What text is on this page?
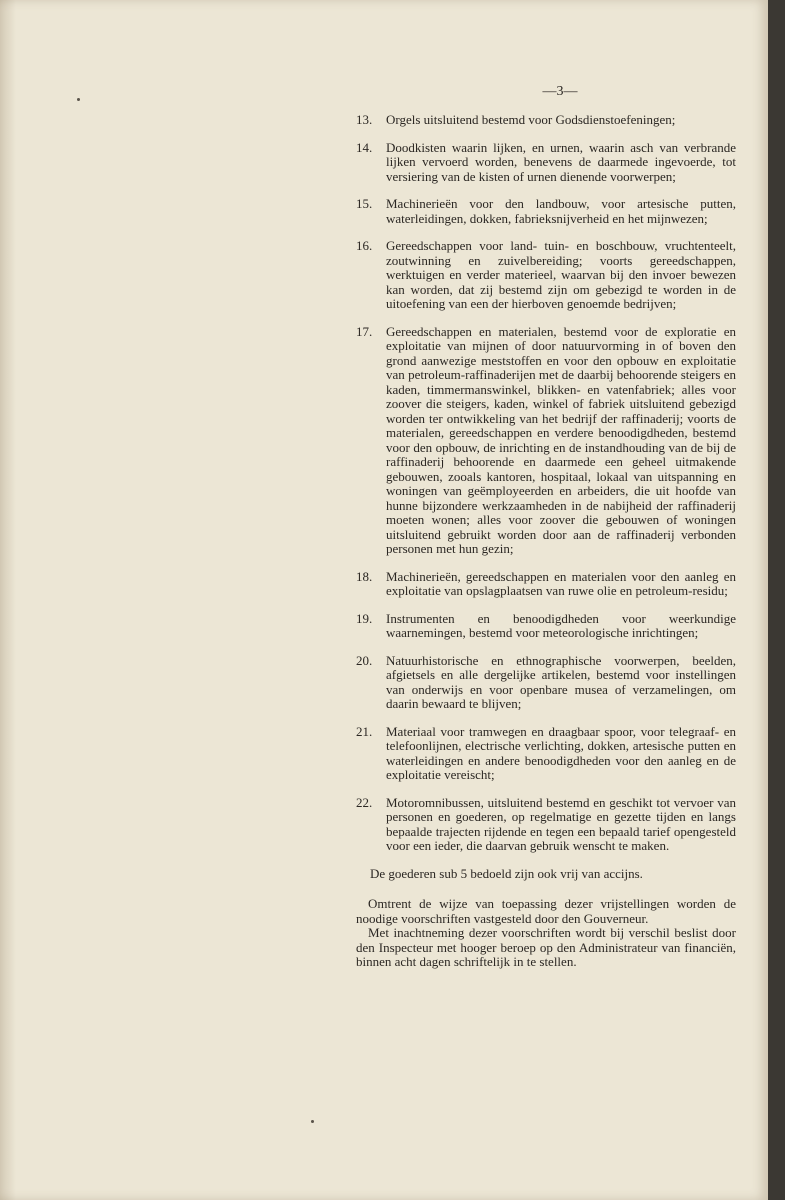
—3—
13.	Orgels uitsluitend bestemd voor Godsdienstoefeningen;
14.	Doodkisten waarin lijken, en urnen, waarin asch van verbrande lijken vervoerd worden, benevens de daarmede ingevoerde, tot versiering van de kisten of urnen dienende voorwerpen;
15.	Machinerieën voor den landbouw, voor artesische putten, waterleidingen, dokken, fabrieksnijverheid en het mijnwezen;
16.	Gereedschappen voor land- tuin- en boschbouw, vruchtenteelt, zoutwinning en zuivelbereiding; voorts gereedschappen, werktuigen en verder materieel, waarvan bij den invoer bewezen kan worden, dat zij bestemd zijn om gebezigd te worden in de uitoefening van een der hierboven genoemde bedrijven;
17.	Gereedschappen en materialen, bestemd voor de exploratie en exploitatie van mijnen of door natuurvorming in of boven den grond aanwezige meststoffen en voor den opbouw en exploitatie van petroleum-raffinaderijen met de daarbij behoorende steigers en kaden, timmermanswinkel, blikken- en vatenfabriek; alles voor zoover die steigers, kaden, winkel of fabriek uitsluitend gebezigd worden ter ontwikkeling van het bedrijf der raffinaderij; voorts de materialen, gereedschappen en verdere benoodigdheden, bestemd voor den opbouw, de inrichting en de instandhouding van de bij de raffinaderij behoorende en daarmede een geheel uitmakende gebouwen, zooals kantoren, hospitaal, lokaal van uitspanning en woningen van geëmployeerden en arbeiders, die uit hoofde van hunne bijzondere werkzaamheden in de nabijheid der raffinaderij moeten wonen; alles voor zoover die gebouwen of woningen uitsluitend gebruikt worden door aan de raffinaderij verbonden personen met hun gezin;
18.	Machinerieën, gereedschappen en materialen voor den aanleg en exploitatie van opslagplaatsen van ruwe olie en petroleum-residu;
19.	Instrumenten en benoodigdheden voor weerkundige waarnemingen, bestemd voor meteorologische inrichtingen;
20.	Natuurhistorische en ethnographische voorwerpen, beelden, afgietsels en alle dergelijke artikelen, bestemd voor instellingen van onderwijs en voor openbare musea of verzamelingen, om daarin bewaard te blijven;
21.	Materiaal voor tramwegen en draagbaar spoor, voor telegraaf- en telefoonlijnen, electrische verlichting, dokken, artesische putten en waterleidingen en andere benoodigdheden voor den aanleg en de exploitatie vereischt;
22.	Motoromnibussen, uitsluitend bestemd en geschikt tot vervoer van personen en goederen, op regelmatige en gezette tijden en langs bepaalde trajecten rijdende en tegen een bepaald tarief opengesteld voor een ieder, die daarvan gebruik wenscht te maken.
De goederen sub 5 bedoeld zijn ook vrij van accijns.
Omtrent de wijze van toepassing dezer vrijstellingen worden de noodige voorschriften vastgesteld door den Gouverneur.
Met inachtneming dezer voorschriften wordt bij verschil beslist door den Inspecteur met hooger beroep op den Administrateur van financiën, binnen acht dagen schriftelijk in te stellen.
